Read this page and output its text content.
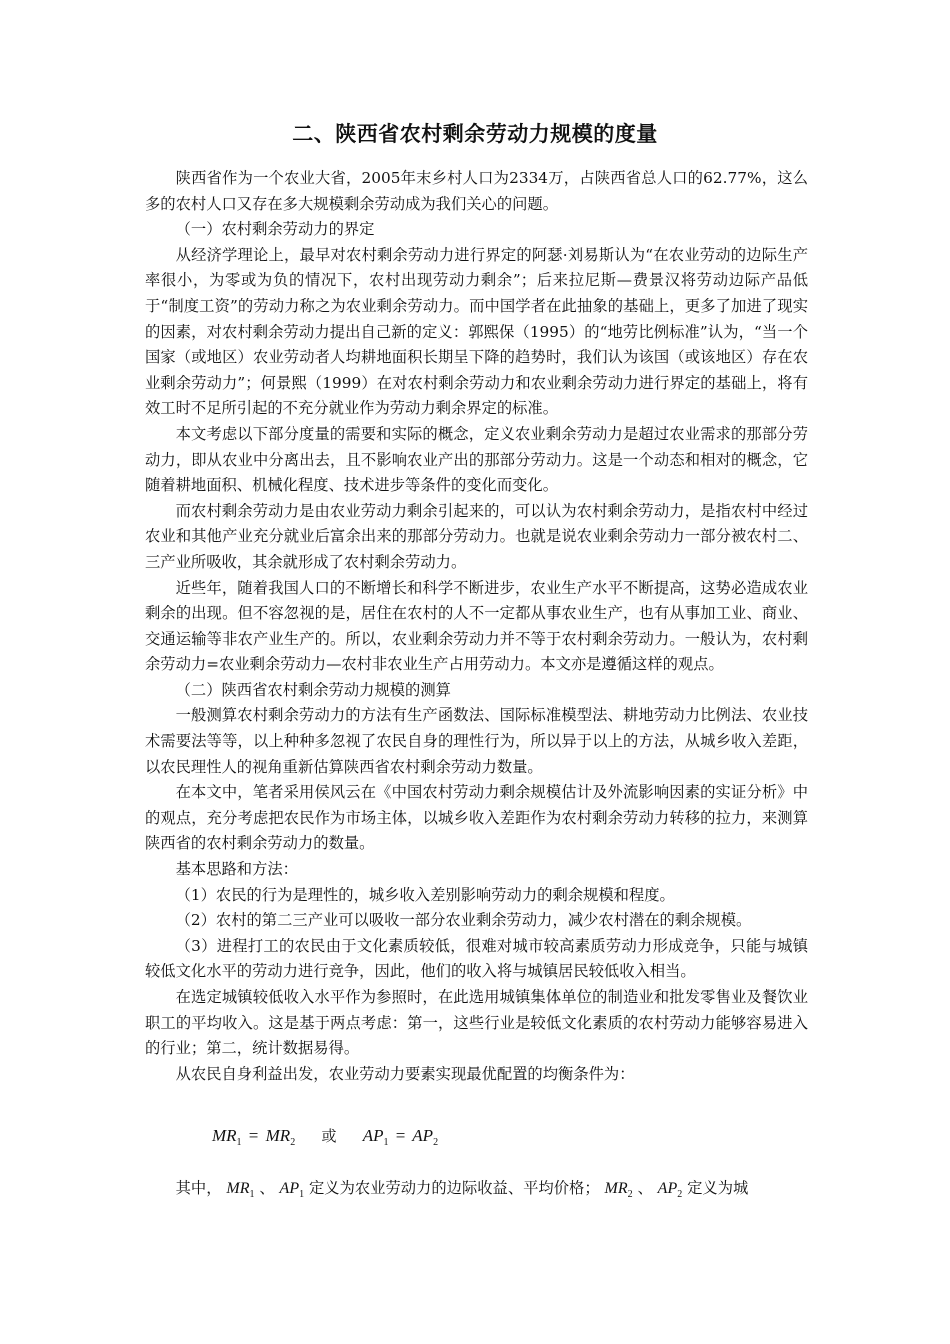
二、陕西省农村剩余劳动力规模的度量

陕西省作为一个农业大省，2005年末乡村人口为2334万，占陕西省总人口的62.77%，这么多的农村人口又存在多大规模剩余劳动成为我们关心的问题。

（一）农村剩余劳动力的界定

从经济学理论上，最早对农村剩余劳动力进行界定的阿瑟·刘易斯认为“在农业劳动的边际生产率很小，为零或为负的情况下，农村出现劳动力剩余”；后来拉尼斯—费景汉将劳动边际产品低于“制度工资”的劳动力称之为农业剩余劳动力。而中国学者在此抽象的基础上，更多了加进了现实的因素，对农村剩余劳动力提出自己新的定义：郭熙保（1995）的“地劳比例标准”认为，“当一个国家（或地区）农业劳动者人均耕地面积长期呈下降的趋势时，我们认为该国（或该地区）存在农业剩余劳动力”；何景熙（1999）在对农村剩余劳动力和农业剩余劳动力进行界定的基础上，将有效工时不足所引起的不充分就业作为劳动力剩余界定的标准。

本文考虑以下部分度量的需要和实际的概念，定义农业剩余劳动力是超过农业需求的那部分劳动力，即从农业中分离出去，且不影响农业产出的那部分劳动力。这是一个动态和相对的概念，它随着耕地面积、机械化程度、技术进步等条件的变化而变化。

而农村剩余劳动力是由农业劳动力剩余引起来的，可以认为农村剩余劳动力，是指农村中经过农业和其他产业充分就业后富余出来的那部分劳动力。也就是说农业剩余劳动力一部分被农村二、三产业所吸收，其余就形成了农村剩余劳动力。

近些年，随着我国人口的不断增长和科学不断进步，农业生产水平不断提高，这势必造成农业剩余的出现。但不容忽视的是，居住在农村的人不一定都从事农业生产，也有从事加工业、商业、交通运输等非农产业生产的。所以，农业剩余劳动力并不等于农村剩余劳动力。一般认为，农村剩余劳动力=农业剩余劳动力—农村非农业生产占用劳动力。本文亦是遵循这样的观点。

（二）陕西省农村剩余劳动力规模的测算

一般测算农村剩余劳动力的方法有生产函数法、国际标准模型法、耕地劳动力比例法、农业技术需要法等等，以上种种多忽视了农民自身的理性行为，所以异于以上的方法，从城乡收入差距，以农民理性人的视角重新估算陕西省农村剩余劳动力数量。

在本文中，笔者采用侯风云在《中国农村劳动力剩余规模估计及外流影响因素的实证分析》中的观点，充分考虑把农民作为市场主体，以城乡收入差距作为农村剩余劳动力转移的拉力，来测算陕西省的农村剩余劳动力的数量。

基本思路和方法：

（1）农民的行为是理性的，城乡收入差别影响劳动力的剩余规模和程度。

（2）农村的第二三产业可以吸收一部分农业剩余劳动力，减少农村潜在的剩余规模。

（3）进程打工的农民由于文化素质较低，很难对城市较高素质劳动力形成竞争，只能与城镇较低文化水平的劳动力进行竞争，因此，他们的收入将与城镇居民较低收入相当。

在选定城镇较低收入水平作为参照时，在此选用城镇集体单位的制造业和批发零售业及餐饮业职工的平均收入。这是基于两点考虑：第一，这些行业是较低文化素质的农村劳动力能够容易进入的行业；第二，统计数据易得。

从农民自身利益出发，农业劳动力要素实现最优配置的均衡条件为：

$MR_1 = MR_2$ 或 $AP_1 = AP_2$
其中， $MR_1$ 、 $AP_1$ 定义为农业劳动力的边际收益、平均价格； $MR_2$ 、 $AP_2$ 定义为城
